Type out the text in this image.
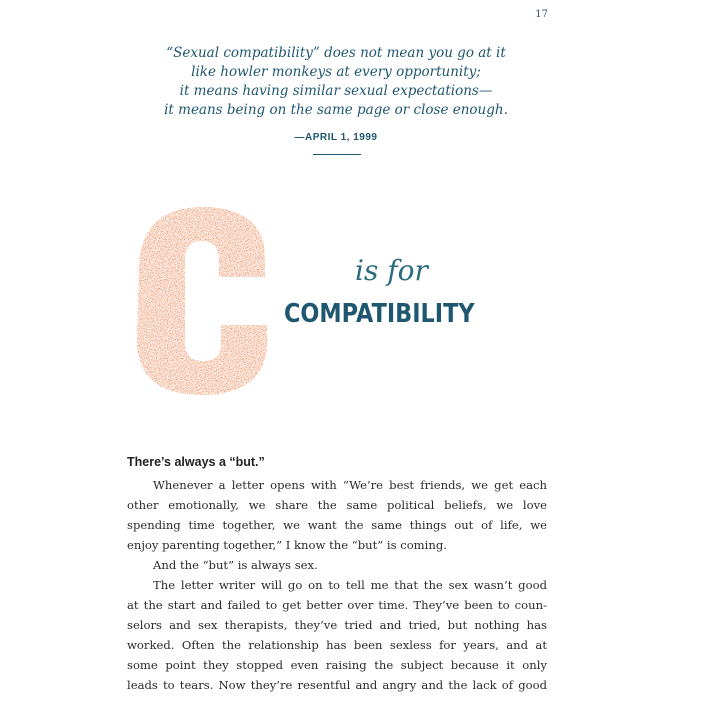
17
“Sexual compatibility” does not mean you go at it
like howler monkeys at every opportunity;
it means having similar sexual expectations—
it means being on the same page or close enough.
—APRIL 1, 1999
is for
COMPATIBILITY
There’s always a “but.”
Whenever a letter opens with “We’re best friends, we get each
other emotionally, we share the same political beliefs, we love
spending time together, we want the same things out of life, we
enjoy parenting together,” I know the “but” is coming.
And the “but” is always sex.
The letter writer will go on to tell me that the sex wasn’t good
at the start and failed to get better over time. They’ve been to coun-
selors and sex therapists, they’ve tried and tried, but nothing has
worked. Often the relationship has been sexless for years, and at
some point they stopped even raising the subject because it only
leads to tears. Now they’re resentful and angry and the lack of good
